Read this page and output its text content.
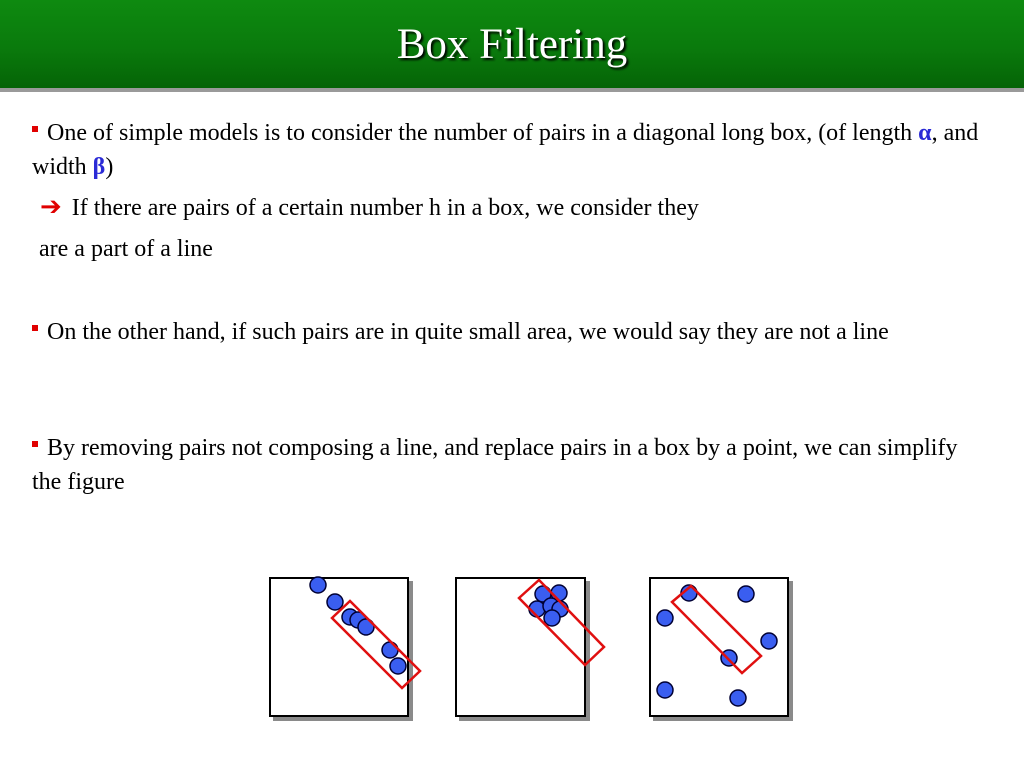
Box Filtering

One of simple models is to consider the number of pairs in a diagonal long box, (of length α, and width β)

➔ If there are pairs of a certain number h in a box, we consider they

are a part of a line

On the other hand, if such pairs are in quite small area, we would say they are not a line

By removing pairs not composing a line, and replace pairs in a box by a point, we can simplify the figure
